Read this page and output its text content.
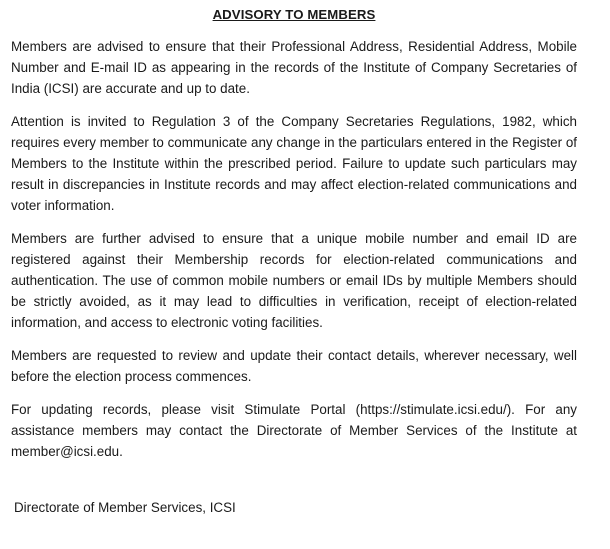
ADVISORY TO MEMBERS

Members are advised to ensure that their Professional Address, Residential Address, Mobile Number and E-mail ID as appearing in the records of the Institute of Company Secretaries of India (ICSI) are accurate and up to date.

Attention is invited to Regulation 3 of the Company Secretaries Regulations, 1982, which requires every member to communicate any change in the particulars entered in the Register of Members to the Institute within the prescribed period. Failure to update such particulars may result in discrepancies in Institute records and may affect election-related communications and voter information.

Members are further advised to ensure that a unique mobile number and email ID are registered against their Membership records for election-related communications and authentication. The use of common mobile numbers or email IDs by multiple Members should be strictly avoided, as it may lead to difficulties in verification, receipt of election-related information, and access to electronic voting facilities.

Members are requested to review and update their contact details, wherever necessary, well before the election process commences.

For updating records, please visit Stimulate Portal (https://stimulate.icsi.edu/). For any assistance members may contact the Directorate of Member Services of the Institute at member@icsi.edu.

Directorate of Member Services, ICSI
